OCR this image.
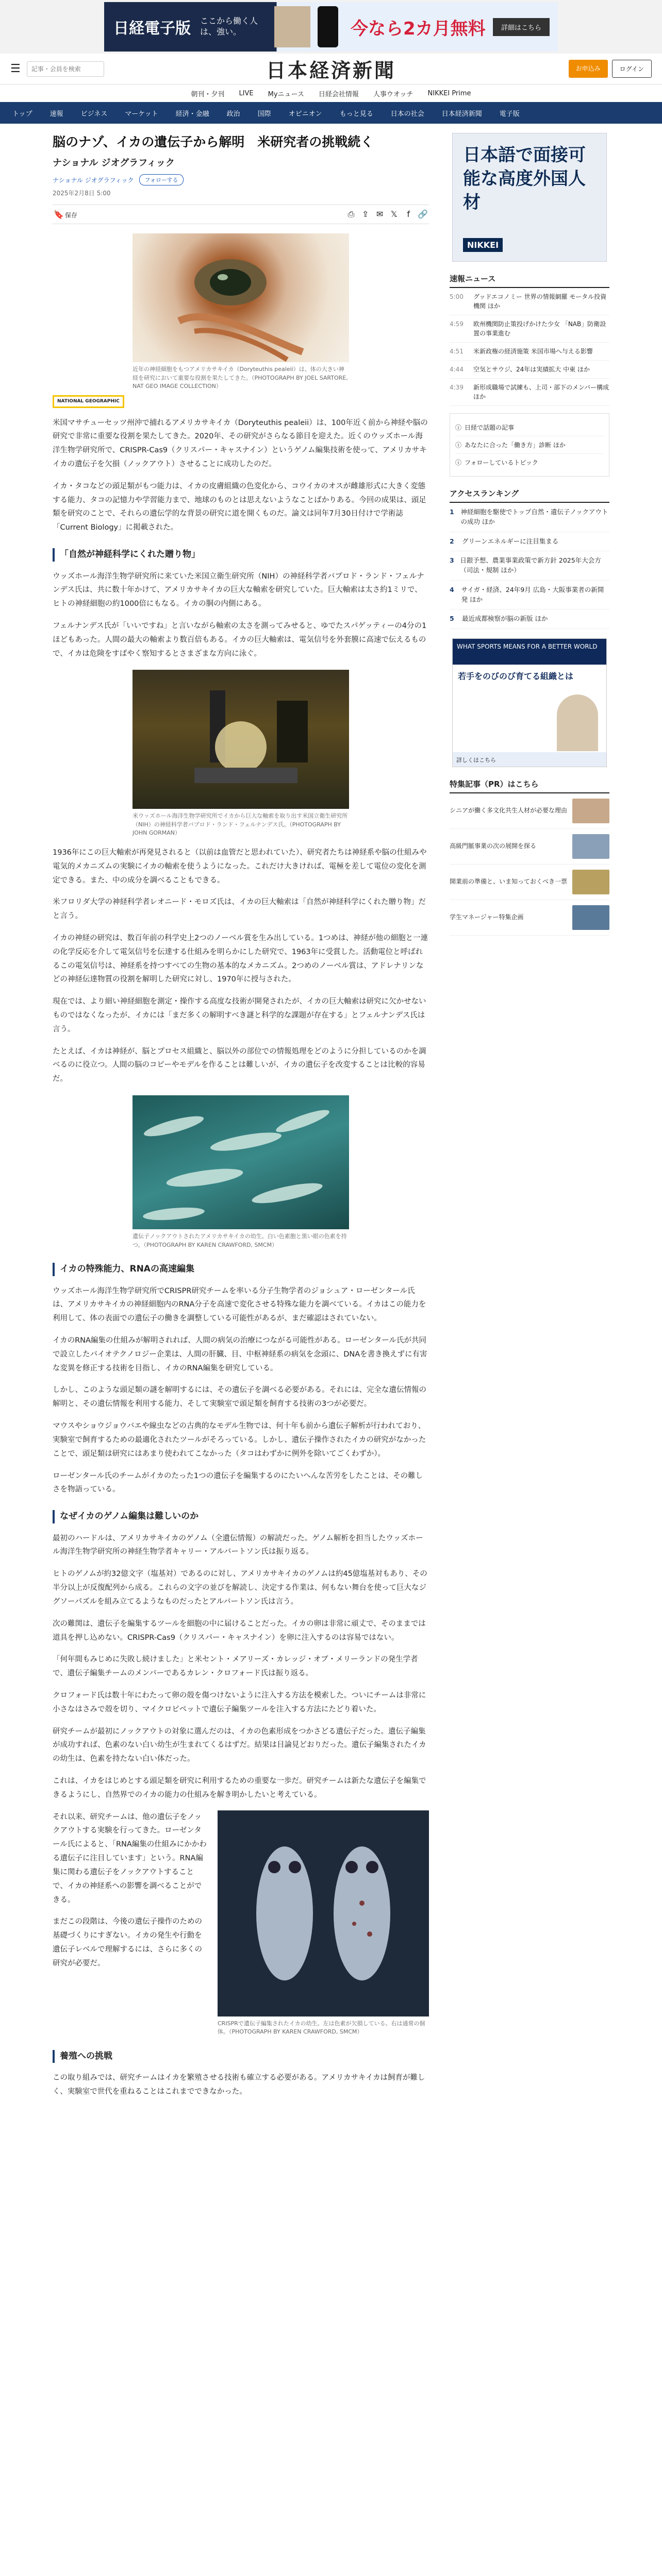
日経電子版	ここから働く人は、強い。	今なら2カ月無料	詳細はこちら
☰
記事・会員を検索	日本経済新聞	お申込み	ログイン
朝刊・夕刊 LIVE Myニュース 日経会社情報 人事ウオッチ NIKKEI Prime
トップ	速報	ビジネス	マーケット	経済・金融	政治	国際	オピニオン	もっと見る	日本の社会	日本経済新聞	電子版
脳のナゾ、イカの遺伝子から解明　米研究者の挑戦続く
ナショナル ジオグラフィック
ナショナル ジオグラフィック	フォローする
2025年2月8日 5:00
🔖 保存	⎙ ⇪ ✉ 𝕏 f 🔗
近年の神経細胞をもつアメリカサキイカ（Doryteuthis pealeii）は、体の大きい神経を研究において重要な役割を果たしてきた。（PHOTOGRAPH BY JOEL SARTORE, NAT GEO IMAGE COLLECTION）
NATIONAL GEOGRAPHIC

米国マサチューセッツ州沖で捕れるアメリカサキイカ（Doryteuthis pealeii）は、100年近く前から神経や脳の研究で非常に重要な役割を果たしてきた。2020年、その研究がさらなる節目を迎えた。近くのウッズホール海洋生物学研究所で、CRISPR-Cas9（クリスパー・キャスナイン）というゲノム編集技術を使って、アメリカサキイカの遺伝子を欠損（ノックアウト）させることに成功したのだ。

イカ・タコなどの頭足類がもつ能力は、イカの皮膚組織の色変化から、コウイカのオスが雌雄形式に大きく変態する能力、タコの記憶力や学習能力まで、地球のものとは思えないようなことばかりある。今回の成果は、頭足類を研究のことで、それらの遺伝学的な背景の研究に道を開くものだ。論文は同年7月30日付けで学術誌「Current Biology」に掲載された。

「自然が神経科学にくれた贈り物」

ウッズホール海洋生物学研究所に来ていた米国立衛生研究所（NIH）の神経科学者バプロド・ランド・フェルナンデス氏は、共に数十年かけて、アメリカサキイカの巨大な軸索を研究していた。巨大軸索は太さ約1ミリで、ヒトの神経細胞の約1000倍にもなる。イカの胴の内側にある。

フェルナンデス氏が「いいですね」と言いながら軸索の太さを測ってみせると、ゆでたスパゲッティーの4分の1ほどもあった。人間の最大の軸索より数百倍もある。イカの巨大軸索は、電気信号を外套膜に高速で伝えるもので、イカは危険をすばやく察知するとさまざまな方向に泳ぐ。

米ウッズホール海洋生物学研究所でイカから巨大な軸索を取り出す米国立衛生研究所（NIH）の神経科学者バプロド・ランド・フェルナンデス氏。（PHOTOGRAPH BY JOHN GORMAN）

1936年にこの巨大軸索が再発見されると（以前は血管だと思われていた）、研究者たちは神経系や脳の仕組みや電気的メカニズムの実験にイカの軸索を使うようになった。これだけ大きければ、電極を差して電位の変化を測定できる。また、中の成分を調べることもできる。

米フロリダ大学の神経科学者レオニード・モロズ氏は、イカの巨大軸索は「自然が神経科学にくれた贈り物」だと言う。

イカの神経の研究は、数百年前の科学史上2つのノーベル賞を生み出している。1つめは、神経が他の細胞と一連の化学反応を介して電気信号を伝達する仕組みを明らかにした研究で、1963年に受賞した。活動電位と呼ばれるこの電気信号は、神経系を持つすべての生物の基本的なメカニズム。2つめのノーベル賞は、アドレナリンなどの神経伝達物質の役割を解明した研究に対し、1970年に授与された。

現在では、より細い神経細胞を測定・操作する高度な技術が開発されたが、イカの巨大軸索は研究に欠かせないものではなくなったが、イカには「まだ多くの解明すべき謎と科学的な課題が存在する」とフェルナンデス氏は言う。

たとえば、イカは神経が、脳とプロセス組織と、脳以外の部位での情報処理をどのように分担しているのかを調べるのに役立つ。人間の脳のコピーやモデルを作ることは難しいが、イカの遺伝子を改変することは比較的容易だ。

遺伝子ノックアウトされたアメリカサキイカの幼生。白い色素胞と黒い眼の色素を持つ。（PHOTOGRAPH BY KAREN CRAWFORD, SMCM）
イカの特殊能力、RNAの高速編集

ウッズホール海洋生物学研究所でCRISPR研究チームを率いる分子生物学者のジョシュア・ローゼンタール氏は、アメリカサキイカの神経細胞内のRNA分子を高速で変化させる特殊な能力を調べている。イカはこの能力を利用して、体の表面での遺伝子の働きを調整している可能性があるが、まだ確認はされていない。

イカのRNA編集の仕組みが解明されれば、人間の病気の治療につながる可能性がある。ローゼンタール氏が共同で設立したバイオテクノロジー企業は、人間の肝臓、目、中枢神経系の病気を念頭に、DNAを書き換えずに有害な変異を修正する技術を目指し、イカのRNA編集を研究している。

しかし、このような頭足類の謎を解明するには、その遺伝子を調べる必要がある。それには、完全な遺伝情報の解明と、その遺伝情報を利用する能力、そして実験室で頭足類を飼育する技術の3つが必要だ。

マウスやショウジョウバエや線虫などの古典的なモデル生物では、何十年も前から遺伝子解析が行われており、実験室で飼育するための最適化されたツールがそろっている。しかし、遺伝子操作されたイカの研究がなかったことで、頭足類は研究にはあまり使われてこなかった（タコはわずかに例外を除いてごくわずか）。

ローゼンタール氏のチームがイカのたった1つの遺伝子を編集するのにたいへんな苦労をしたことは、その難しさを物語っている。

なぜイカのゲノム編集は難しいのか

最初のハードルは、アメリカサキイカのゲノム（全遺伝情報）の解読だった。ゲノム解析を担当したウッズホール海洋生物学研究所の神経生物学者キャリー・アルバートソン氏は振り返る。

ヒトのゲノムが約32億文字（塩基対）であるのに対し、アメリカサキイカのゲノムは約45億塩基対もあり、その半分以上が反復配列から成る。これらの文字の並びを解読し、決定する作業は、何もない舞台を使って巨大なジグソーパズルを組み立てるようなものだったとアルバートソン氏は言う。

次の難関は、遺伝子を編集するツールを細胞の中に届けることだった。イカの卵は非常に頑丈で、そのままでは道具を押し込めない。CRISPR-Cas9（クリスパー・キャスナイン）を卵に注入するのは容易ではない。

「何年間もみじめに失敗し続けました」と米セント・メアリーズ・カレッジ・オブ・メリーランドの発生学者で、遺伝子編集チームのメンバーであるカレン・クロフォード氏は振り返る。

クロフォード氏は数十年にわたって卵の殻を傷つけないように注入する方法を模索した。ついにチームは非常に小さなはさみで殻を切り、マイクロピペットで遺伝子編集ツールを注入する方法にたどり着いた。

研究チームが最初にノックアウトの対象に選んだのは、イカの色素形成をつかさどる遺伝子だった。遺伝子編集が成功すれば、色素のない白い幼生が生まれてくるはずだ。結果は目論見どおりだった。遺伝子編集されたイカの幼生は、色素を持たない白い体だった。

これは、イカをはじめとする頭足類を研究に利用するための重要な一歩だ。研究チームは新たな遺伝子を編集できるようにし、自然界でのイカの能力の仕組みを解き明かしたいと考えている。

それ以来、研究チームは、他の遺伝子をノックアウトする実験を行ってきた。ローゼンタール氏によると、「RNA編集の仕組みにかかわる遺伝子に注目しています」という。RNA編集に関わる遺伝子をノックアウトすることで、イカの神経系への影響を調べることができる。

まだこの段階は、今後の遺伝子操作のための基礎づくりにすぎない。イカの発生や行動を遺伝子レベルで理解するには、さらに多くの研究が必要だ。

CRISPRで遺伝子編集されたイカの幼生。左は色素が欠損している。右は通常の個体。（PHOTOGRAPH BY KAREN CRAWFORD, SMCM）
養殖への挑戦

この取り組みでは、研究チームはイカを繁殖させる技術も確立する必要がある。アメリカサキイカは飼育が難しく、実験室で世代を重ねることはこれまでできなかった。

日本語で面接可能な高度外国人材
NIKKEI
速報ニュース
5:00	グッドエコノミー 世界の情報網羅 モータル投資機関 ほか
4:59	欧州機関防止策投げかけた少女 「NAB」防衛設置の事業進む
4:51	米新政権の経済施策 米国市場へ与える影響
4:44	空気とサウジ、24年は実績拡大 中東 ほか
4:39	新形成職場で試練も、上司・部下のメンバー構成 ほか
ⓘ 日経で話題の記事
ⓘ あなたに合った「働き方」診断 ほか
ⓘ フォローしているトピック
アクセスランキング
1 神経細胞を駆使でトップ自然・遺伝子ノックアウトの成功 ほか
2	グリーンエネルギーに注目集まる
3 日銀予想、農業事業政策で新方針 2025年大会方（司法・規制 ほか）
4	サイガ・経済、24年9月 広島・大阪事業者の新開発 ほか
5	最近成都検察が脳の新版 ほか
WHAT SPORTS MEANS FOR A BETTER WORLD
若手をのびのび育てる組織とは
詳しくはこちら
特集記事（PR）はこちら
シニアが働く多文化共生人材が必要な理由
高級門脈事業の次の展開を探る
開業前の準備と、いま知っておくべき一票
学生マネージャー特集企画
